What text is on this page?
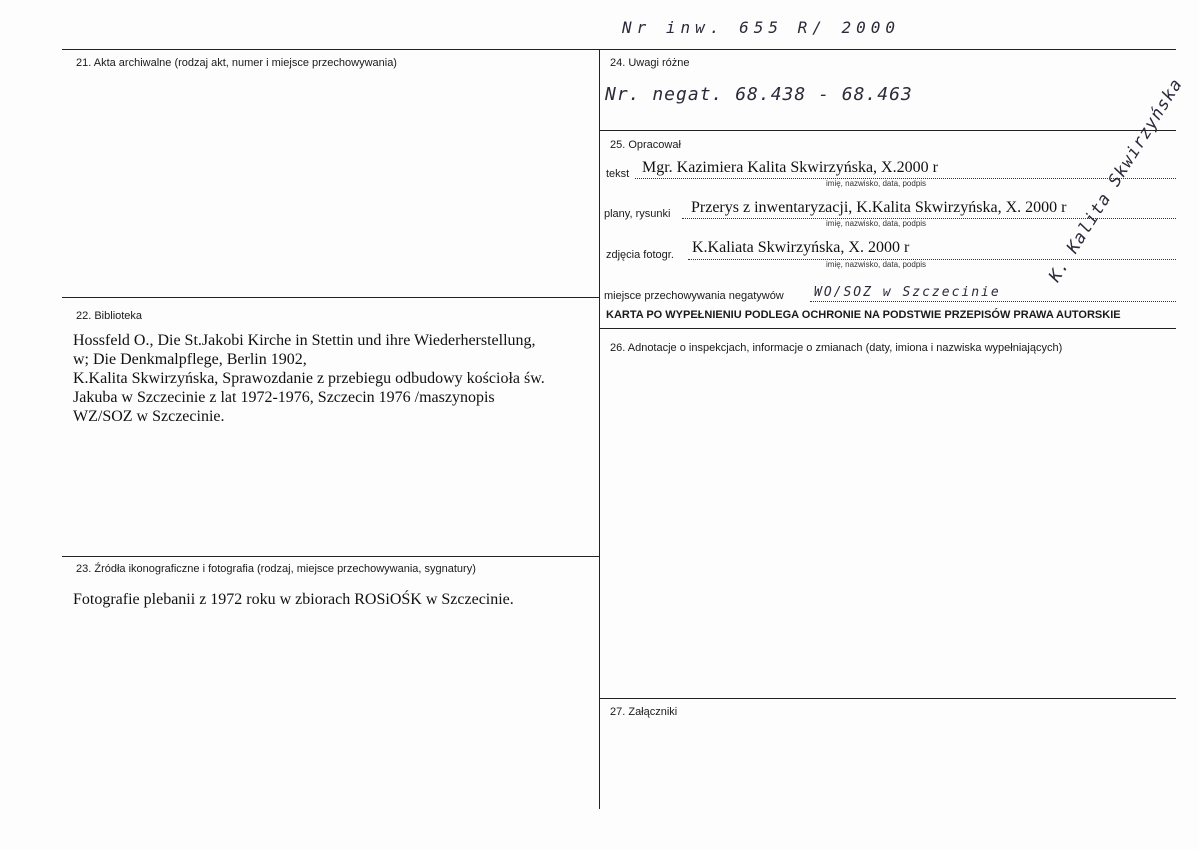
Nr inw. 655 R/ 2000
21. Akta archiwalne (rodzaj akt, numer i miejsce przechowywania)
22. Biblioteka
Hossfeld O., Die St.Jakobi Kirche in Stettin und ihre Wiederherstellung,
w; Die Denkmalpflege, Berlin 1902,
K.Kalita Skwirzyńska, Sprawozdanie z przebiegu odbudowy kościoła św.
Jakuba w Szczecinie z lat 1972-1976, Szczecin 1976 /maszynopis
WZ/SOZ w Szczecinie.
23. Źródła ikonograficzne i fotografia (rodzaj, miejsce przechowywania, sygnatury)
Fotografie plebanii z 1972 roku w zbiorach ROSiOŚK w Szczecinie.
24. Uwagi różne
Nr. negat. 68.438 - 68.463
25. Opracował
tekst Mgr. Kazimiera Kalita Skwirzyńska, X.2000 r
imię, nazwisko, data, podpis
plany, rysunki Przerys z inwentaryzacji, K.Kalita Skwirzyńska, X. 2000 r
imię, nazwisko, data, podpis
zdjęcia fotogr. K.Kaliata Skwirzyńska, X. 2000 r
imię, nazwisko, data, podpis	K. Kalita Skwirzyńska
miejsce przechowywania negatywów WO/SOZ w Szczecinie
KARTA PO WYPEŁNIENIU PODLEGA OCHRONIE NA PODSTWIE PRZEPISÓW PRAWA AUTORSKIE
26. Adnotacje o inspekcjach, informacje o zmianach (daty, imiona i nazwiska wypełniających)
27. Załączniki
